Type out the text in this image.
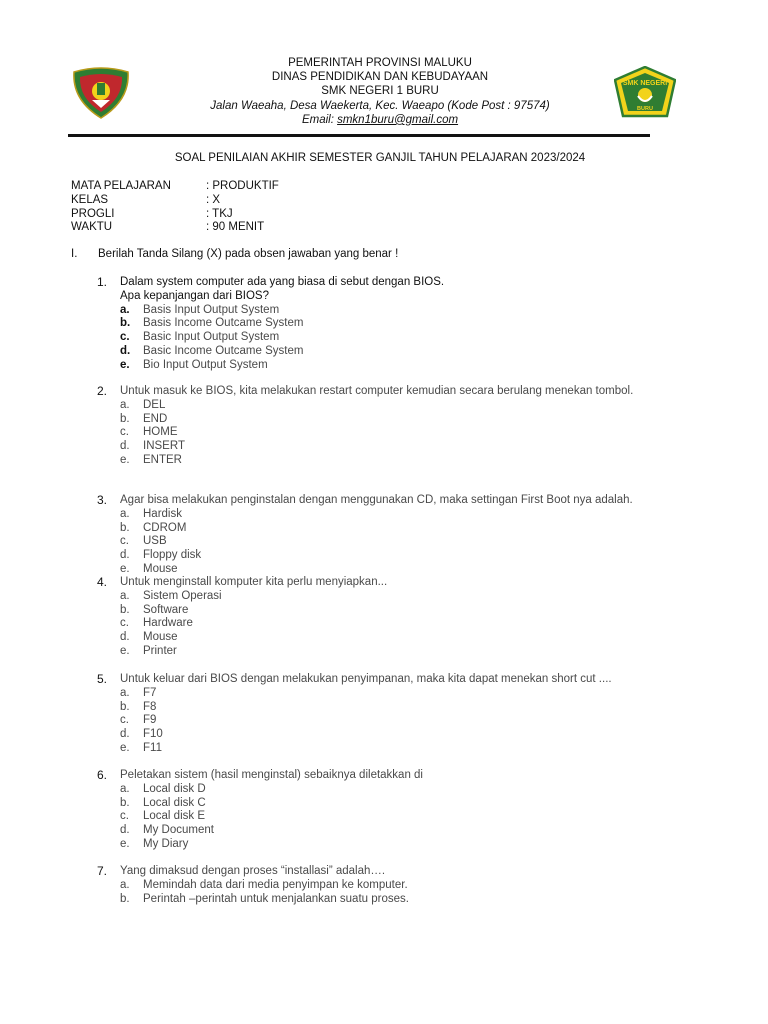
PEMERINTAH PROVINSI MALUKU
DINAS PENDIDIKAN DAN KEBUDAYAAN
SMK NEGERI 1 BURU
Jalan Waeaha, Desa Waekerta, Kec. Waeapo (Kode Post : 97574)
Email: smkn1buru@gmail.com
SMK NEGERI
BURU
SOAL PENILAIAN AKHIR SEMESTER GANJIL TAHUN PELAJARAN 2023/2024
MATA PELAJARAN	: PRODUKTIF
KELAS	: X
PROGLI	: TKJ
WAKTU	: 90 MENIT
I. Berilah Tanda Silang (X) pada obsen jawaban yang benar !
1.	Dalam system computer ada yang biasa di sebut dengan BIOS.
Apa kepanjangan dari BIOS?
a.	Basis Input Output System
b.	Basis Income Outcame System
c.	Basic Input Output System
d.	Basic Income Outcame System
e.	Bio Input Output System
2.	Untuk masuk ke BIOS, kita melakukan restart computer kemudian secara berulang menekan tombol.
a.	DEL
b.	END
c.	HOME
d.	INSERT
e.	ENTER
3.	Agar bisa melakukan penginstalan dengan menggunakan CD, maka settingan First Boot nya adalah.
a.	Hardisk
b.	CDROM
c.	USB
d.	Floppy disk
e.	Mouse
4.	Untuk menginstall komputer kita perlu menyiapkan...
a.	Sistem Operasi
b.	Software
c.	Hardware
d.	Mouse
e.	Printer
5.	Untuk keluar dari BIOS dengan melakukan penyimpanan, maka kita dapat menekan short cut ....
a.	F7
b.	F8
c.	F9
d.	F10
e.	F11
6.	Peletakan sistem (hasil menginstal) sebaiknya diletakkan di
a.	Local disk D
b.	Local disk C
c.	Local disk E
d.	My Document
e.	My Diary
7.	Yang dimaksud dengan proses “installasi” adalah….
a.	Memindah data dari media penyimpan ke komputer.
b.	Perintah –perintah untuk menjalankan suatu proses.
